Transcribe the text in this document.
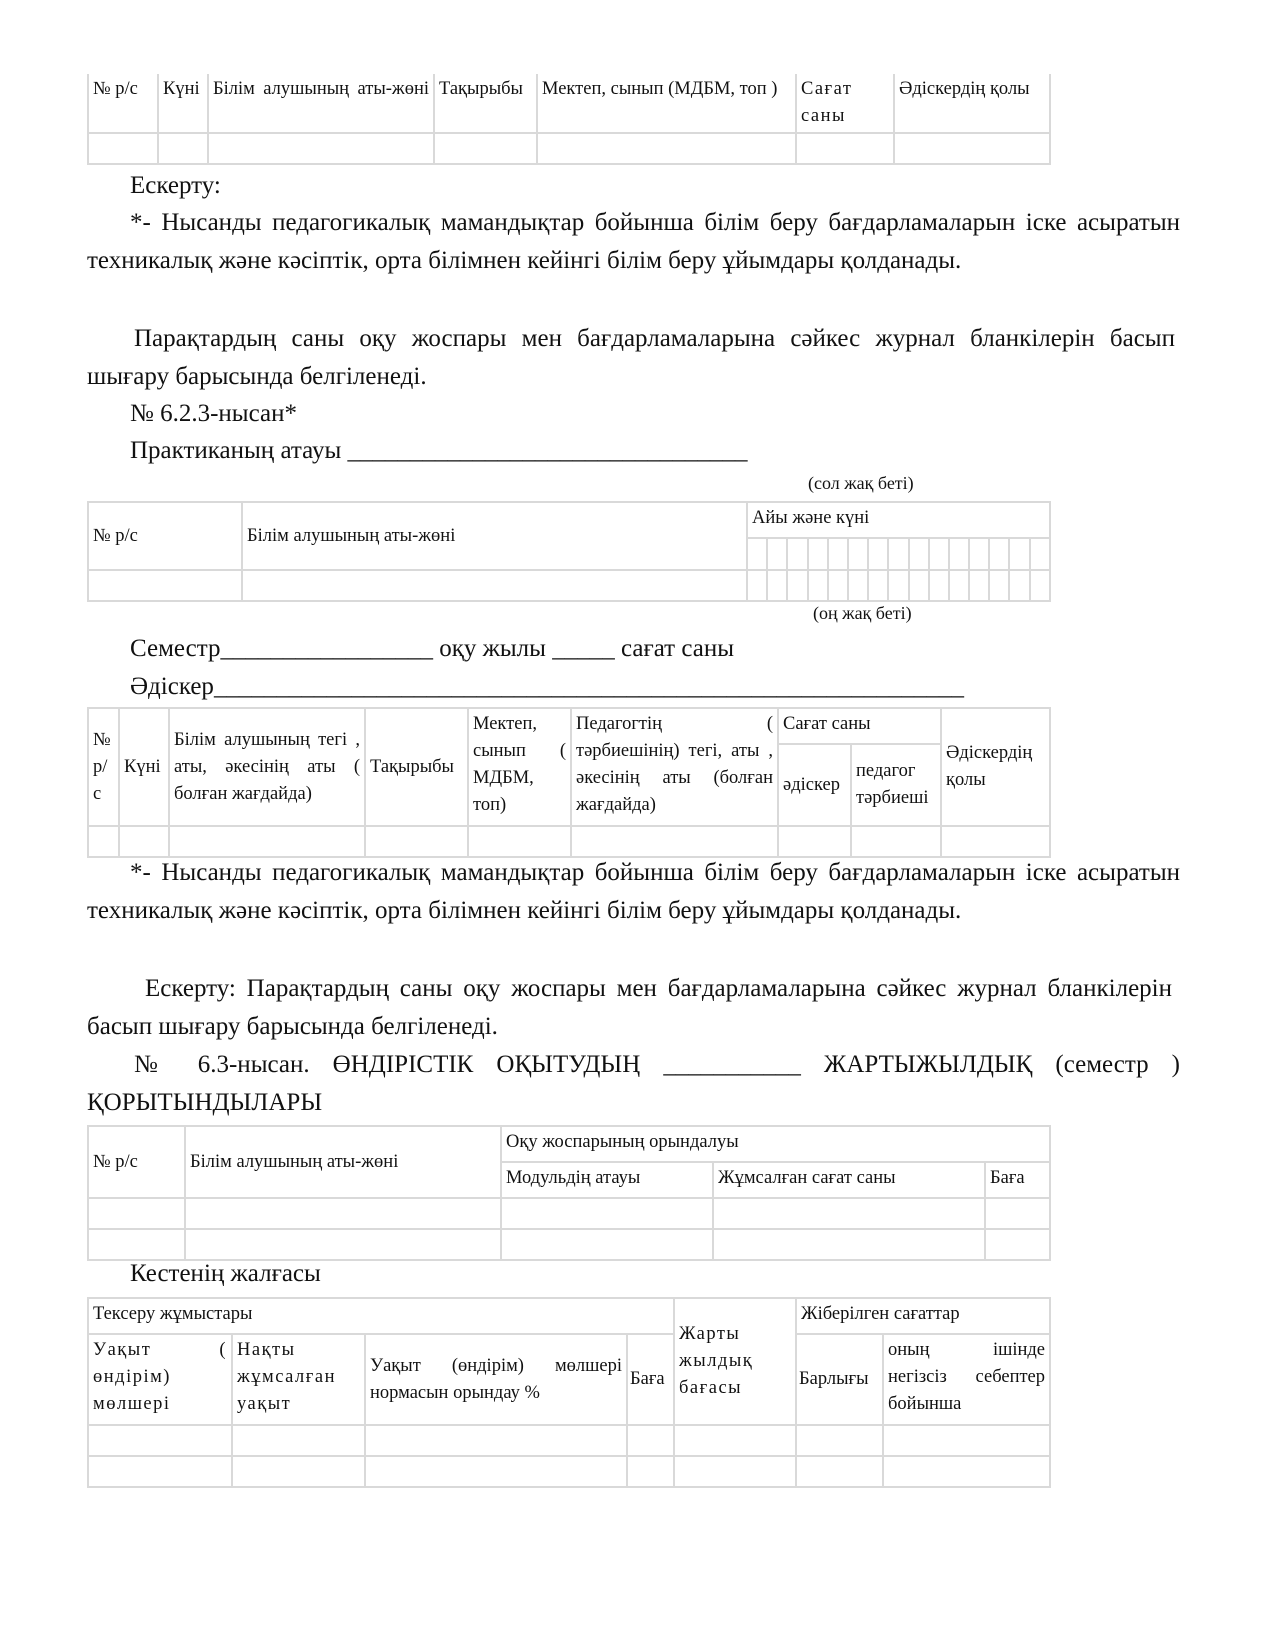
№ р/с	Күні	Білім алушының аты-жөні	Тақырыбы	Мектеп, сынып (МДБМ, топ )	Сағат саны	Әдіскердің қолы

Ескерту:
*- Нысанды педагогикалық мамандықтар бойынша білім беру бағдарламаларын іске асыратын техникалық және кәсіптік, орта білімнен кейінгі білім беру ұйымдары қолданады.
Парақтардың саны оқу жоспары мен бағдарламаларына сәйкес журнал бланкілерін басып шығару барысында белгіленеді.
№ 6.2.3-нысан*
Практиканың атауы ________________________________
(сол жақ беті)
№ р/с	Білім алушының аты-жөні	Айы және күні														

(оң жақ беті)
Семестр_________________ оқу жылы _____ сағат саны
Әдіскер____________________________________________________________
№ р/ с	Күні	Білім алушының тегі , аты, әкесінің аты ( болған жағдайда)	Тақырыбы	Мектеп, сынып ( МДБМ, топ)	Педагогтің ( тәрбиешінің) тегі, аты , әкесінің аты (болған жағдайда)	Сағат саны		Әдіскердің қолы
						әдіскер	педагог тәрбиеші	

*- Нысанды педагогикалық мамандықтар бойынша білім беру бағдарламаларын іске асыратын техникалық және кәсіптік, орта білімнен кейінгі білім беру ұйымдары қолданады.
Ескерту: Парақтардың саны оқу жоспары мен бағдарламаларына сәйкес журнал бланкілерін басып шығару барысында белгіленеді.
№ 6.3-нысан. ӨНДІРІСТІК ОҚЫТУДЫҢ ___________ ЖАРТЫЖЫЛДЫҚ (семестр ) ҚОРЫТЫНДЫЛАРЫ
№ р/с	Білім алушының аты-жөні	Оқу жоспарының орындалуы		
		Модульдің атауы	Жұмсалған сағат саны	Баға

Кестенің жалғасы
Тексеру жұмыстары				Жарты жылдық бағасы	Жіберілген сағаттар	
Уақыт ( өндірім) мөлшері	Нақты жұмсалған уақыт	Уақыт (өндірім) мөлшері нормасын орындау %	Баға		Барлығы	оның ішінде негізсіз себептер бойынша
